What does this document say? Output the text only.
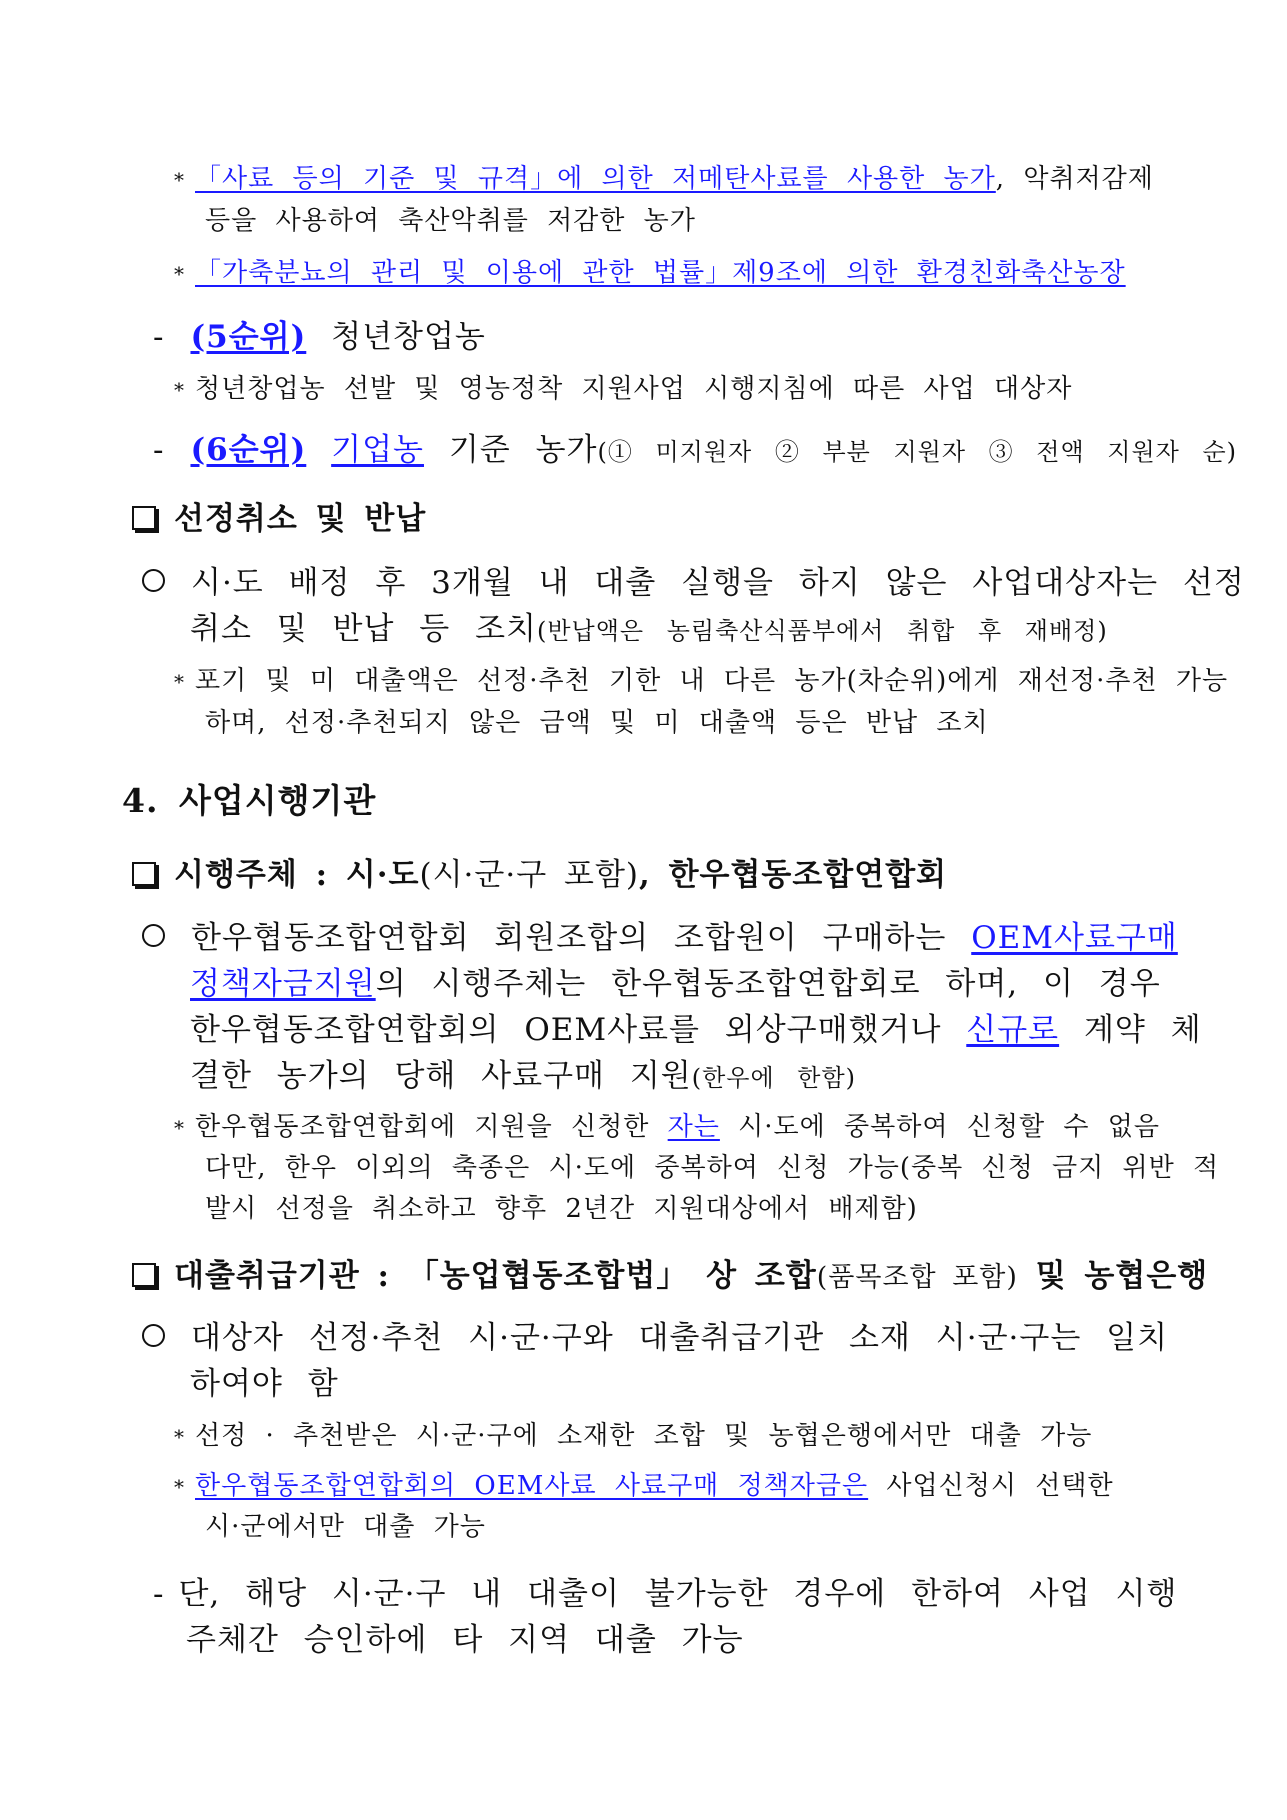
* 「사료 등의 기준 및 규격」에 의한 저메탄사료를 사용한 농가, 악취저감제
등을 사용하여 축산악취를 저감한 농가
* 「가축분뇨의 관리 및 이용에 관한 법률」제9조에 의한 환경친화축산농장
- (5순위) 청년창업농
* 청년창업농 선발 및 영농정착 지원사업 시행지침에 따른 사업 대상자
- (6순위) 기업농 기준 농가(① 미지원자 ② 부분 지원자 ③ 전액 지원자 순)
선정취소 및 반납
시·도 배정 후 3개월 내 대출 실행을 하지 않은 사업대상자는 선정
취소 및 반납 등 조치(반납액은 농림축산식품부에서 취합 후 재배정)
* 포기 및 미 대출액은 선정·추천 기한 내 다른 농가(차순위)에게 재선정·추천 가능
하며, 선정·추천되지 않은 금액 및 미 대출액 등은 반납 조치
4. 사업시행기관
시행주체 : 시·도(시·군·구 포함), 한우협동조합연합회
한우협동조합연합회 회원조합의 조합원이 구매하는 OEM사료구매
정책자금지원의 시행주체는 한우협동조합연합회로 하며, 이 경우
한우협동조합연합회의 OEM사료를 외상구매했거나 신규로 계약 체
결한 농가의 당해 사료구매 지원(한우에 한함)
* 한우협동조합연합회에 지원을 신청한 자는 시·도에 중복하여 신청할 수 없음
다만, 한우 이외의 축종은 시·도에 중복하여 신청 가능(중복 신청 금지 위반 적
발시 선정을 취소하고 향후 2년간 지원대상에서 배제함)
대출취급기관 : 「농업협동조합법」 상 조합(품목조합 포함) 및 농협은행
대상자 선정·추천 시·군·구와 대출취급기관 소재 시·군·구는 일치
하여야 함
* 선정 · 추천받은 시·군·구에 소재한 조합 및 농협은행에서만 대출 가능
* 한우협동조합연합회의 OEM사료 사료구매 정책자금은 사업신청시 선택한
시·군에서만 대출 가능
- 단, 해당 시·군·구 내 대출이 불가능한 경우에 한하여 사업 시행
주체간 승인하에 타 지역 대출 가능
